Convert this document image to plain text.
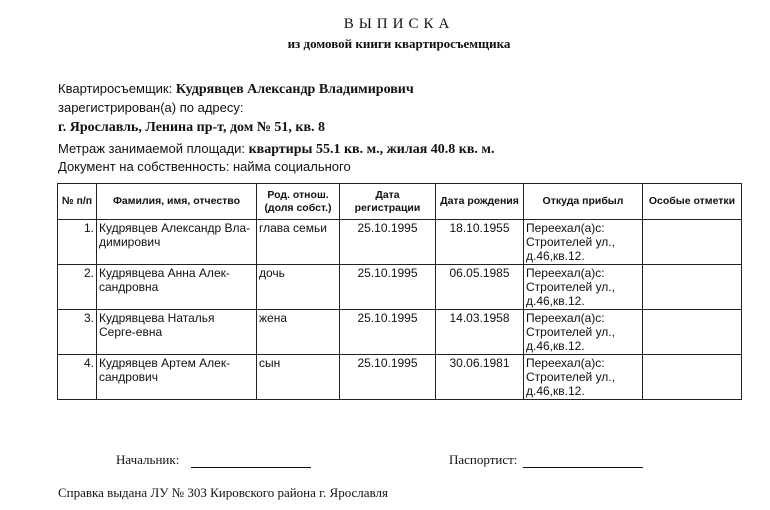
ВЫПИСКА
из домовой книги квартиросъемщика
Квартиросъемщик: Кудрявцев Александр Владимирович
зарегистрирован(а) по адресу:
г. Ярославль, Ленина пр-т, дом № 51, кв. 8
Метраж занимаемой площади: квартиры 55.1 кв. м., жилая 40.8 кв. м.
Документ на собственность: найма социального
№ п/п	Фамилия, имя, отчество	Род. отнош. (доля собст.)	Дата регистрации	Дата рождения	Откуда прибыл	Особые отметки
1.	Кудрявцев Александр Вла-димирович	глава семьи	25.10.1995	18.10.1955	Переехал(а)с: Строителей ул., д.46,кв.12.	
2.	Кудрявцева Анна Алек-сандровна	дочь	25.10.1995	06.05.1985	Переехал(а)с: Строителей ул., д.46,кв.12.	
3.	Кудрявцева Наталья Серге-евна	жена	25.10.1995	14.03.1958	Переехал(а)с: Строителей ул., д.46,кв.12.	
4.	Кудрявцев Артем Алек-сандрович	сын	25.10.1995	30.06.1981	Переехал(а)с: Строителей ул., д.46,кв.12.	
Начальник:	Паспортист:
Справка выдана ЛУ № 303 Кировского района г. Ярославля
